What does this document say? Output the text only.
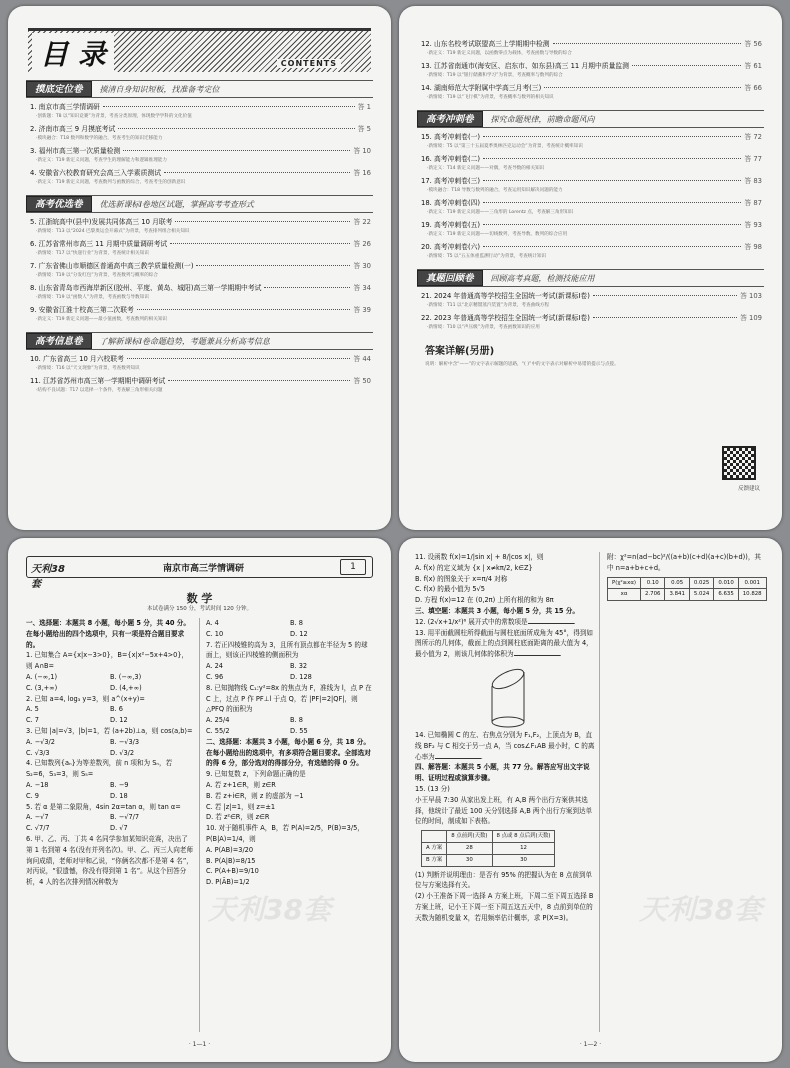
目 录	CONTENTS
摸底定位卷	摸清自身知识短板，找准备考定位
1. 南京市高三学情调研	答 1
·创新题：T8 以“知识竞赛”为背景，考查分类原理，体现数学学科的文化价值
2. 济南市高三 9 月摸底考试	答 5
·模块融合：T18 数列和数学的融合，考查考生的知识迁移能力
3. 福州市高三第一次质量检测	答 10
·新定义：T19 新定义问题，考查学生的理解能力和逻辑推理能力
4. 安徽省六校教育研究会高三入学素质测试	答 16
·新定义：T19 新定义问题，考查数列与函数的综合，考查考生的创新意识
高考优选卷	优选新课标Ⅰ卷地区试题，掌握高考考查形式
5. 江浙皖高中(县中)发展共同体高三 10 月联考	答 22
·新情境：T13 以“2024 巴黎奥运会开幕式”为背景，考查排列组合相关知识
6. 江苏省常州市高三 11 月期中质量调研考试	答 26
·新情境：T17 以“快递行业”为背景，考查统计相关知识
7. 广东省佛山市顺德区普通高中高三教学质量检测(一)	答 30
·新情境：T19 以“分发红包”为背景，考查数列与概率的综合
8. 山东省青岛市西海岸新区(胶州、平度、黄岛、城阳)高三第一学期期中考试	答 34
·新情境：T19 以“函数人”为背景，考查函数与导数知识
9. 安徽省江淮十校高三第二次联考	答 39
·新定义：T19 新定义问题——最小值函数，考查数列的相关知识
高考信息卷	了解新课标Ⅰ卷命题趋势，考题兼具分析高考信息
10. 广东省高三 10 月六校联考	答 44
·新情境：T16 以“天文现象”为背景，考查数列知识
11. 江苏省苏州市高三第一学期期中调研考试	答 50
·结构不良试题：T17 以选择一个条件，考查解三角形相关问题
12. 山东名校考试联盟高三上学期期中检测	答 56
·新定义：T19 新定义问题，以函数零点为载体，考查函数与导数的综合
13. 江苏省南通市(海安区、启东市、如东县)高三 11 月期中质量监测	答 61
·新情境：T19 以“银行储蓄和学习”为背景，考查概率与数列的综合
14. 湖南师范大学附属中学高三月考(三)	答 66
·新情境：T19 以“飞行棋”为背景，考查概率与数列的相关知识
高考冲刺卷	探究命题规律，前瞻命题风向
15. 高考冲刺卷(一)	答 72
·新情境：T5 以“第三十五届夏季奥林匹克运动会”为背景，考查统计概率知识
16. 高考冲刺卷(二)	答 77
·新定义：T14 新定义问题——对偶，考查导数的相关知识
17. 高考冲刺卷(三)	答 83
·模块融合：T18 导数与数列的融合，考查运用知识解决问题的能力
18. 高考冲刺卷(四)	答 87
·新定义：T19 新定义问题——三角形的 Lorentz 点，考查解三角形知识
19. 高考冲刺卷(五)	答 93
·新定义：T19 新定义问题——切线数列，考查导数、数列的综合应用
20. 高考冲刺卷(六)	答 98
·新情境：T5 以“五五体重监测行动”为背景，考查统计知识
真题回顾卷	回顾高考真题，检测技能应用
21. 2024 年普通高等学校招生全国统一考试(新课标Ⅰ卷)	答 103
·新情境：T11 以“北京精馏蒸汽装置”为背景，考查曲线方程
22. 2023 年普通高等学校招生全国统一考试(新课标Ⅰ卷)	答 109
·新情境：T10 以“声压级”为背景，考查函数知识的应用
答案详解(另册)
说明：解析中含“——”的文字表示解题的思路，“( )”中的文字表示对解析中易错的提示与点拨。
反馈建议
天利38套
南京市高三学情调研	1
数 学
本试卷满分 150 分，考试时间 120 分钟。
一、选择题：本题共 8 小题，每小题 5 分，共 40 分。在每小题给出的四个选项中，只有一项是符合题目要求的。
1. 已知集合 A={x|x−3>0}，B={x|x²−5x+4>0}，则 A∩B=
A. (−∞,1)	B. (−∞,3)
C. (3,+∞)	D. (4,+∞)
2. 已知 a=4, log₃ y=3，则 a^(x+y)=
A. 5	B. 6
C. 7	D. 12
3. 已知 |a|=√3，|b|=1，若 (a+2b)⊥a，则 cos⟨a,b⟩=
A. −√3/2	B. −√3/3
C. √3/3	D. √3/2
4. 已知数列{aₙ}为等差数列，前 n 项和为 Sₙ，若 S₂=6，S₃=3，则 S₅=
A. −18	B. −9
C. 9	D. 18
5. 若 α 是第二象限角，4sin 2α=tan α，则 tan α=
A. −√7	B. −√7/7
C. √7/7	D. √7
6. 甲、乙、丙、丁共 4 名同学参加某知识竞赛，决出了第 1 名到第 4 名(没有并列名次)。甲、乙、丙三人向老师询问成绩，老师对甲和乙说，“你俩名次都不是第 4 名”，对丙说，“很遗憾，你没有得到第 1 名”。从这个回答分析，4 人的名次排列情况种数为
A. 4	B. 8
C. 10	D. 12
7. 若正四棱锥的高为 3，且所有顶点都在半径为 5 的球面上，则该正四棱锥的侧面积为
A. 24	B. 32
C. 96	D. 128
8. 已知抛物线 C₁:y²=8x 的焦点为 F，准线为 l，点 P 在 C 上，过点 P 作 PF⊥l 于点 Q，若 |PF|=2|QF|，则 △PFQ 的面积为
A. 25/4	B. 8
C. 55/2	D. 55
二、选择题：本题共 3 小题，每小题 6 分，共 18 分。在每小题给出的选项中，有多项符合题目要求。全部选对的得 6 分，部分选对的得部分分，有选错的得 0 分。
9. 已知复数 z，下列命题正确的是
A. 若 z+1∈R，则 z∈R
B. 若 z+i∈R，则 z 的虚部为 −1
C. 若 |z|=1，则 z=±1
D. 若 z²∈R，则 z∈R
10. 对于随机事件 A，B，若 P(A)=2/5，P(B)=3/5，P(B|A)=1/4，则
A. P(AB)=3/20
B. P(A|B)=8/15
C. P(A+B)=9/10
D. P(ĀB)=1/2
天利38套
· 1—1 ·
11. 设函数 f(x)=1/|sin x| + 8/|cos x|，则
A. f(x) 的定义域为 {x | x≠kπ/2, k∈Z}
B. f(x) 的图象关于 x=π/4 对称
C. f(x) 的最小值为 5√5
D. 方程 f(x)=12 在 (0,2π) 上所有根的和为 8π
三、填空题：本题共 3 小题，每小题 5 分，共 15 分。
12. (2√x+1/x²)⁶ 展开式中的常数项是	.
13. 用平面截圆柱所得截面与圆柱底面所成角为 45°，得到如图所示的几何体，截面上的点到圆柱底面距离的最大值为 4，最小值为 2，则该几何体的体积为	.
14. 已知椭圆 C 的左、右焦点分别为 F₁,F₂，上顶点为 B，直线 BF₂ 与 C 相交于另一点 A，当 cos∠F₁AB 最小时，C 的离心率为	.
四、解答题：本题共 5 小题，共 77 分。解答应写出文字说明、证明过程或演算步骤。
15. (13 分)
小王早晨 7:30 从家出发上班，有 A,B 两个出行方案供其选择，他统计了最近 100 天分别选择 A,B 两个出行方案到达单位的时间，制成如下表格。
	8 点前到(天数)	8 点或 8 点后到(天数)
A 方案	28	12
B 方案	30	30
(1) 判断并说明理由：是否有 95% 的把握认为在 8 点前到单位与方案选择有关。
(2) 小王准备下周一选择 A 方案上班，下周二至下周五选择 B 方案上班，记小王下周一至下周五这五天中，8 点前到单位的天数为随机变量 X，若用频率估计概率，求 P(X=3)。
附：χ²=n(ad−bc)²/((a+b)(c+d)(a+c)(b+d))，其中 n=a+b+c+d。
P(χ²≥xα)	0.10	0.05	0.025	0.010	0.001
xα	2.706	3.841	5.024	6.635	10.828
天利38套
· 1—2 ·
